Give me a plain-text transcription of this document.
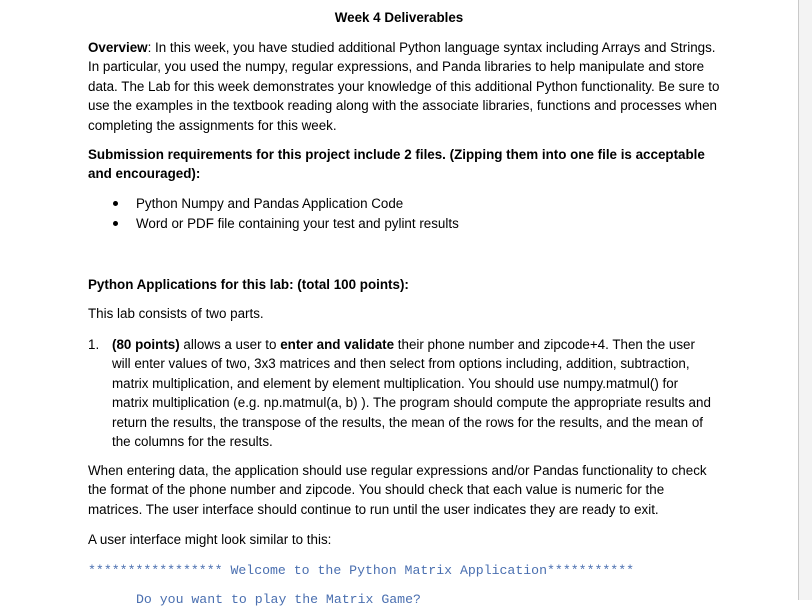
Week 4 Deliverables
Overview: In this week, you have studied additional Python language syntax including Arrays and Strings. In particular, you used the numpy, regular expressions, and Panda libraries to help manipulate and store data. The Lab for this week demonstrates your knowledge of this additional Python functionality. Be sure to use the examples in the textbook reading along with the associate libraries, functions and processes when completing the assignments for this week.
Submission requirements for this project include 2 files. (Zipping them into one file is acceptable and encouraged):
Python Numpy and Pandas Application Code
Word or PDF file containing your test and pylint results
Python Applications for this lab: (total 100 points):
This lab consists of two parts.
1. (80 points) allows a user to enter and validate their phone number and zipcode+4. Then the user will enter values of two, 3x3 matrices and then select from options including, addition, subtraction, matrix multiplication, and element by element multiplication. You should use numpy.matmul() for matrix multiplication (e.g. np.matmul(a, b) ). The program should compute the appropriate results and return the results, the transpose of the results, the mean of the rows for the results, and the mean of the columns for the results.
When entering data, the application should use regular expressions and/or Pandas functionality to check the format of the phone number and zipcode. You should check that each value is numeric for the matrices. The user interface should continue to run until the user indicates they are ready to exit.
A user interface might look similar to this:
***************** Welcome to the Python Matrix Application***********
Do you want to play the Matrix Game?
